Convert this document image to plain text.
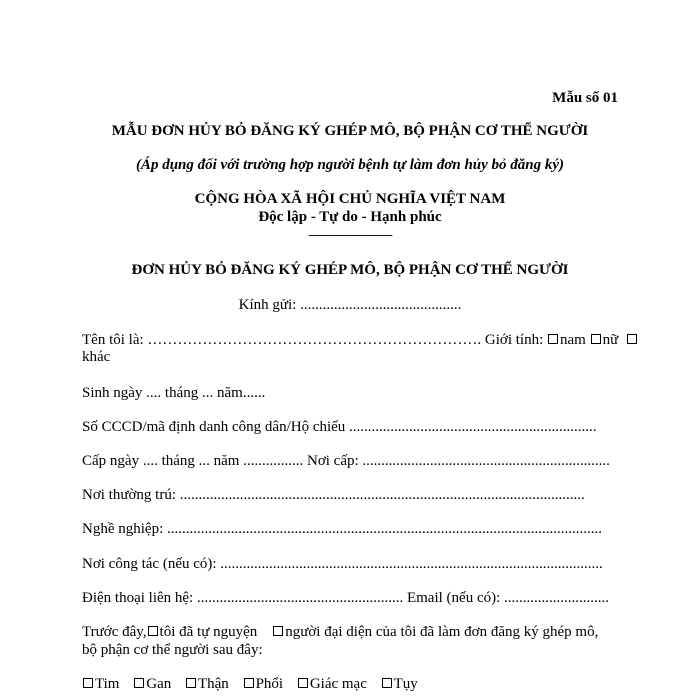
Mẫu số 01
MẪU ĐƠN HỦY BỎ ĐĂNG KÝ GHÉP MÔ, BỘ PHẬN CƠ THỂ NGƯỜI
(Áp dụng đối với trường hợp người bệnh tự làm đơn hủy bỏ đăng ký)
CỘNG HÒA XÃ HỘI CHỦ NGHĨA VIỆT NAM
Độc lập - Tự do - Hạnh phúc
_______________
ĐƠN HỦY BỎ ĐĂNG KÝ GHÉP MÔ, BỘ PHẬN CƠ THỂ NGƯỜI
Kính gửi: ...........................................
Tên tôi là: …………………………………………………………. Giới tính: nam nữ
khác
Sinh ngày .... tháng ... năm......
Số CCCD/mã định danh công dân/Hộ chiếu ..................................................................
Cấp ngày .... tháng ... năm ................ Nơi cấp: ..................................................................
Nơi thường trú: ............................................................................................................
Nghề nghiệp: ....................................................................................................................
Nơi công tác (nếu có): ......................................................................................................
Điện thoại liên hệ: ....................................................... Email (nếu có): ............................
Trước đây, tôi đã tự nguyện người đại diện của tôi đã làm đơn đăng ký ghép mô,
bộ phận cơ thể người sau đây:
Tim Gan Thận Phổi Giác mạc Tụy
